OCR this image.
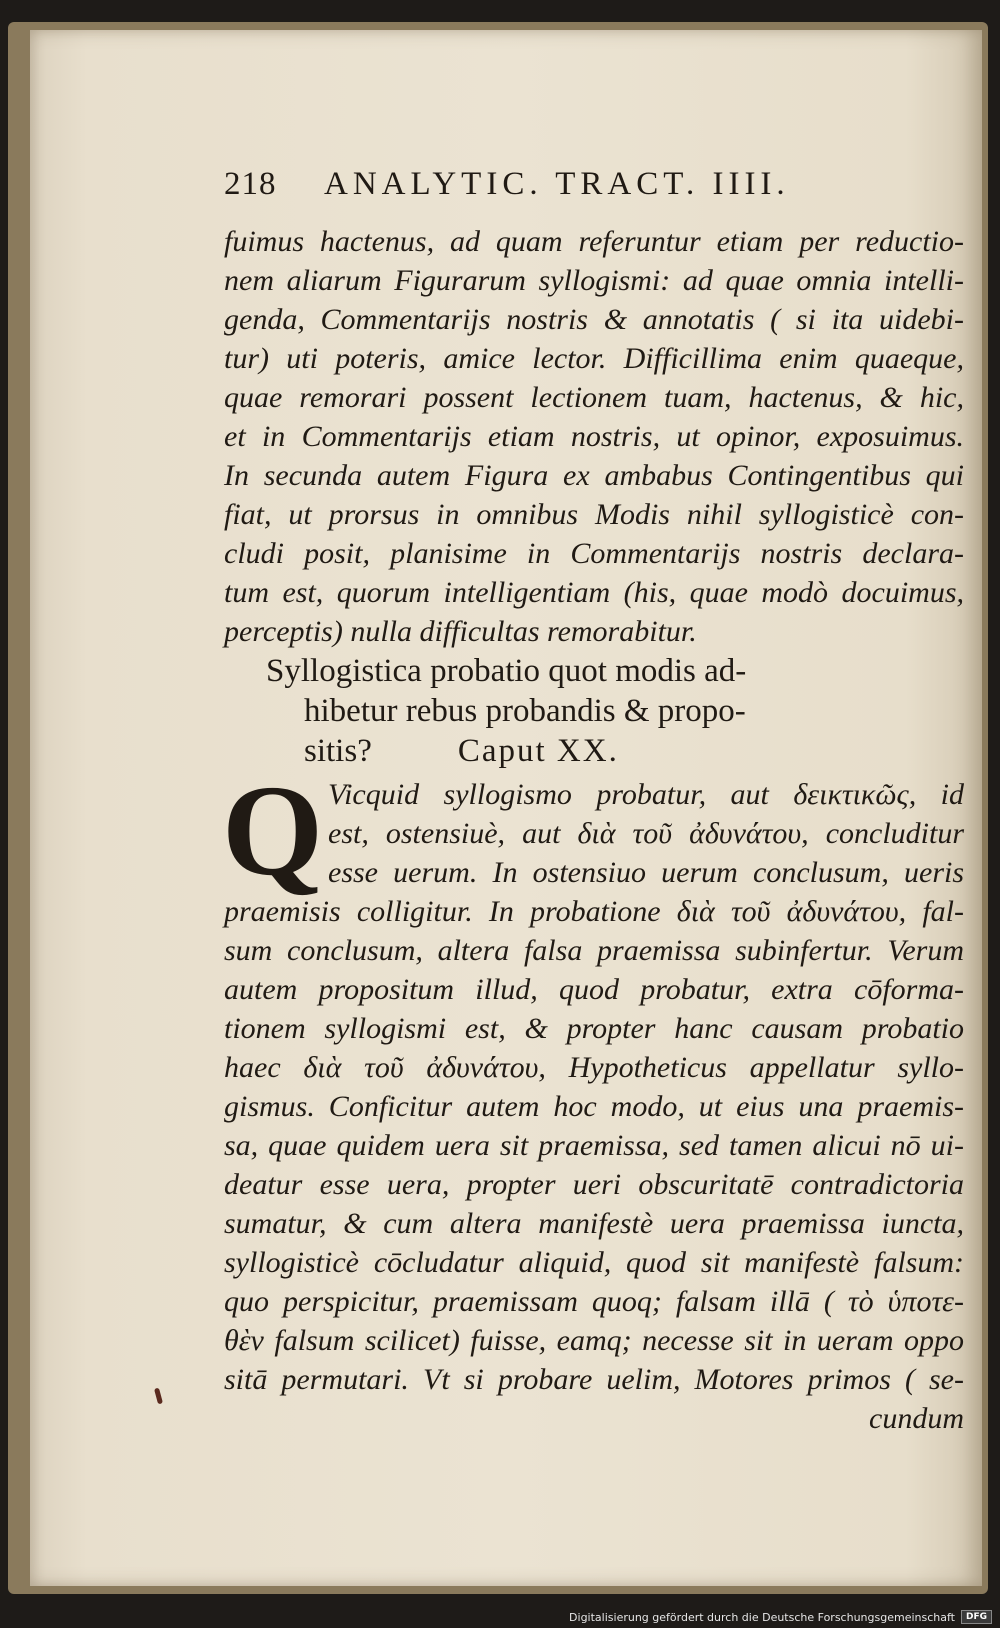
218	ANALYTIC. TRACT. IIII.
fuimus hactenus, ad quam referuntur etiam per reductio-
nem aliarum Figurarum syllogismi: ad quae omnia intelli-
genda, Commentarijs nostris & annotatis ( si ita uidebi-
tur) uti poteris, amice lector. Difficillima enim quaeque,
quae remorari possent lectionem tuam, hactenus, & hic,
et in Commentarijs etiam nostris, ut opinor, exposuimus.
In secunda autem Figura ex ambabus Contingentibus qui
fiat, ut prorsus in omnibus Modis nihil syllogisticè con-
cludi posit, planisime in Commentarijs nostris declara-
tum est, quorum intelligentiam (his, quae modò docuimus,
perceptis) nulla difficultas remorabitur.
Syllogistica probatio quot modis ad-
hibetur rebus probandis & propo-
sitis?	Caput XX.
Q Vicquid syllogismo probatur, aut δεικτικῶς, id
est, ostensiuè, aut διὰ τοῦ ἀδυνάτου, concluditur
esse uerum. In ostensiuo uerum conclusum, ueris
praemisis colligitur. In probatione διὰ τοῦ ἀδυνάτου, fal-
sum conclusum, altera falsa praemissa subinfertur. Verum
autem propositum illud, quod probatur, extra cōforma-
tionem syllogismi est, & propter hanc causam probatio
haec διὰ τοῦ ἀδυνάτου, Hypotheticus appellatur syllo-
gismus. Conficitur autem hoc modo, ut eius una praemis-
sa, quae quidem uera sit praemissa, sed tamen alicui nō ui-
deatur esse uera, propter ueri obscuritatē contradictoria
sumatur, & cum altera manifestè uera praemissa iuncta,
syllogisticè cōcludatur aliquid, quod sit manifestè falsum:
quo perspicitur, praemissam quoq; falsam illā ( τὸ ὑποτε-
θὲν falsum scilicet) fuisse, eamq; necesse sit in ueram oppo
sitā permutari. Vt si probare uelim, Motores primos ( se-
cundum
Digitalisierung gefördert durch die Deutsche Forschungsgemeinschaft	DFG
